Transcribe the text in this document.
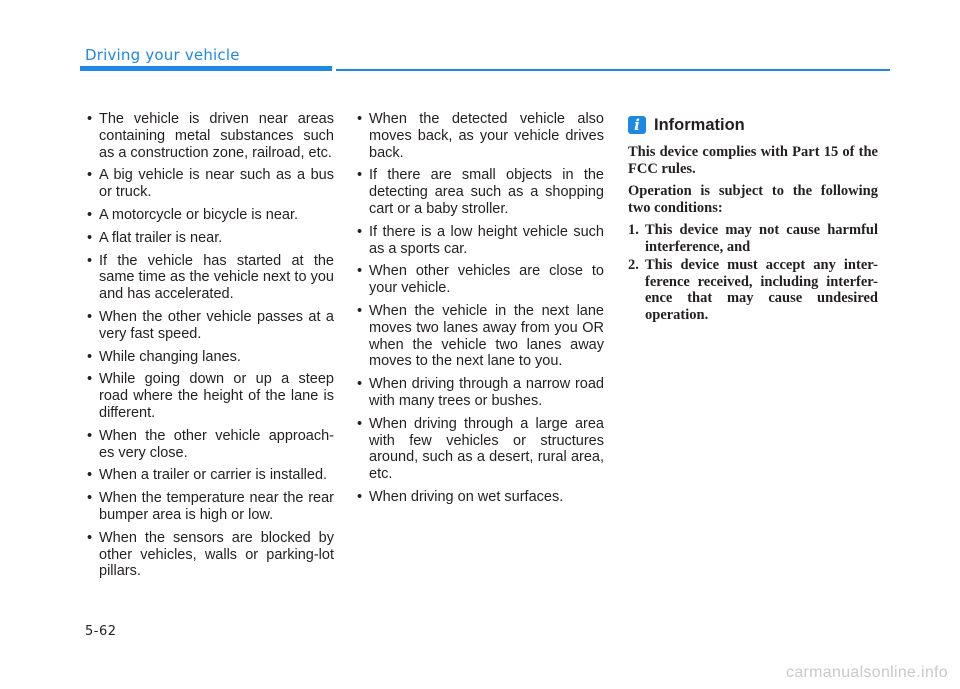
Driving your vehicle
• The vehicle is driven near areas containing metal substances such as a construction zone, railroad, etc.
• A big vehicle is near such as a bus or truck.
• A motorcycle or bicycle is near.
• A flat trailer is near.
• If the vehicle has started at the same time as the vehicle next to you and has accelerated.
• When the other vehicle passes at a very fast speed.
• While changing lanes.
• While going down or up a steep road where the height of the lane is different.
• When the other vehicle approach- es very close.
• When a trailer or carrier is installed.
• When the temperature near the rear bumper area is high or low.
• When the sensors are blocked by other vehicles, walls or parking-lot pillars.
• When the detected vehicle also moves back, as your vehicle drives back.
• If there are small objects in the detecting area such as a shopping cart or a baby stroller.
• If there is a low height vehicle such as a sports car.
• When other vehicles are close to your vehicle.
• When the vehicle in the next lane moves two lanes away from you OR when the vehicle two lanes away moves to the next lane to you.
• When driving through a narrow road with many trees or bushes.
• When driving through a large area with few vehicles or structures around, such as a desert, rural area, etc.
• When driving on wet surfaces.
i Information

This device complies with Part 15 of the FCC rules.

Operation is subject to the following two conditions:

1. This device may not cause harmful interference, and
2. This device must accept any inter- ference received, including interfer- ence that may cause undesired operation.
5-62
carmanualsonline.info
